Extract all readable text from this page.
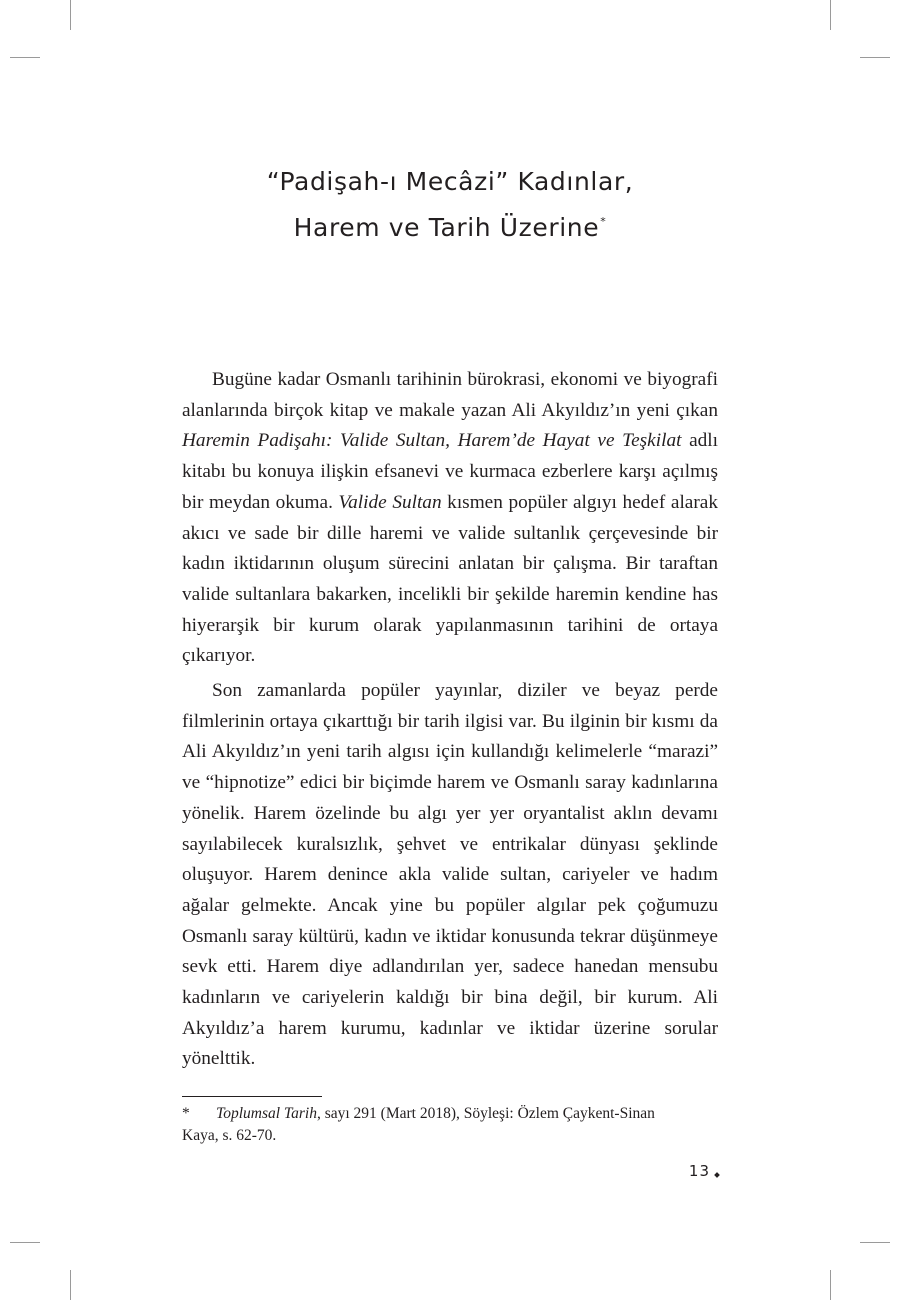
“Padişah-ı Mecâzi” Kadınlar,
Harem ve Tarih Üzerine*

Bugüne kadar Osmanlı tarihinin bürokrasi, ekonomi ve biyografi alanlarında birçok kitap ve makale yazan Ali Akyıldız’ın yeni çıkan Haremin Padişahı: Valide Sultan, Harem’de Hayat ve Teşkilat adlı kitabı bu konuya ilişkin efsanevi ve kurmaca ezberlere karşı açılmış bir meydan okuma. Valide Sultan kısmen popüler algıyı hedef alarak akıcı ve sade bir dille haremi ve valide sultanlık çerçevesinde bir kadın iktidarının oluşum sürecini anlatan bir çalışma. Bir taraftan valide sultanlara bakarken, incelikli bir şekilde haremin kendine has hiyerarşik bir kurum olarak yapılanmasının tarihini de ortaya çıkarıyor.

Son zamanlarda popüler yayınlar, diziler ve beyaz perde filmlerinin ortaya çıkarttığı bir tarih ilgisi var. Bu ilginin bir kısmı da Ali Akyıldız’ın yeni tarih algısı için kullandığı kelimelerle “marazi” ve “hipnotize” edici bir biçimde harem ve Osmanlı saray kadınlarına yönelik. Harem özelinde bu algı yer yer oryantalist aklın devamı sayılabilecek kuralsızlık, şehvet ve entrikalar dünyası şeklinde oluşuyor. Harem denince akla valide sultan, cariyeler ve hadım ağalar gelmekte. Ancak yine bu popüler algılar pek çoğumuzu Osmanlı saray kültürü, kadın ve iktidar konusunda tekrar düşünmeye sevk etti. Harem diye adlandırılan yer, sadece hanedan mensubu kadınların ve cariyelerin kaldığı bir bina değil, bir kurum. Ali Akyıldız’a harem kurumu, kadınlar ve iktidar üzerine sorular yönelttik.

* Toplumsal Tarih, sayı 291 (Mart 2018), Söyleşi: Özlem Çaykent-Sinan
Kaya, s. 62-70.
13
